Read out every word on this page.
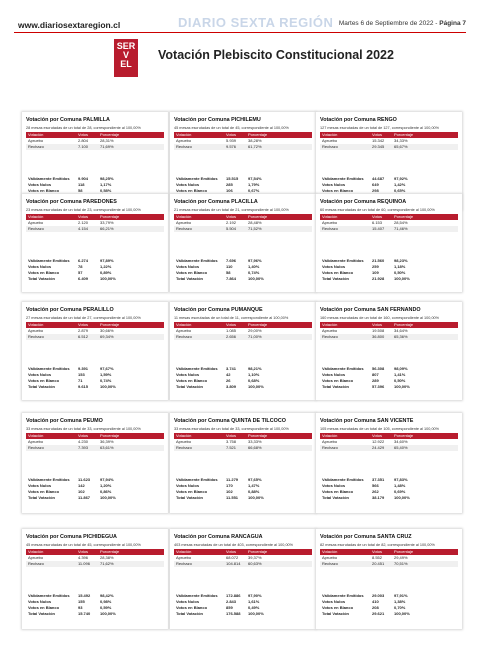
www.diariosextaregion.cl	DIARIO SEXTA REGIÓN Martes 6 de Septiembre de 2022 - Página 7
SER
V
EL
Votación Plebiscito Constitucional 2022
Votación por Comuna PALMILLA
28 mesas escrutadas de un total de 28, correspondiente al 100,00%
Votación	Votos	Porcentaje
Apruebo	2.804	28,31%
Rechazo	7.100	71,69%
Válidamente Emitidos	9.904	98,25%
Votos Nulos	118	1,17%
Votos en Blanco	58	0,58%
Votación por Comuna PICHILEMU
45 mesas escrutadas de un total de 45, correspondiente al 100,00%
Votación	Votos	Porcentaje
Apruebo	5.939	38,28%
Rechazo	9.576	61,72%
Válidamente Emitidos	15.515	97,54%
Votos Nulos	285	1,79%
Votos en Blanco	106	0,67%
Votación por Comuna RENGO
127 mesas escrutadas de un total de 127, correspondiente al 100,00%
Votación	Votos	Porcentaje
Apruebo	15.342	34,33%
Rechazo	29.345	65,67%
Válidamente Emitidos	44.687	97,92%
Votos Nulos	649	1,42%
Votos en Blanco	298	0,65%
Votación por Comuna PAREDONES
23 mesas escrutadas de un total de 23, correspondiente al 100,00%
Votación	Votos	Porcentaje
Apruebo	2.120	33,79%
Rechazo	4.154	66,21%
Válidamente Emitidos	6.274	97,89%
Votos Nulos	78	1,22%
Votos en Blanco	57	0,89%
Total Votación	6.409	100,00%
Votación por Comuna PLACILLA
21 mesas escrutadas de un total de 21, correspondiente al 100,00%
Votación	Votos	Porcentaje
Apruebo	2.192	28,48%
Rechazo	5.504	71,52%
Válidamente Emitidos	7.696	97,96%
Votos Nulos	110	1,40%
Votos en Blanco	58	0,74%
Total Votación	7.864	100,00%
Votación por Comuna REQUINOA
60 mesas escrutadas de un total de 60, correspondiente al 100,00%
Votación	Votos	Porcentaje
Apruebo	6.153	28,54%
Rechazo	15.407	71,46%
Válidamente Emitidos	21.560	98,23%
Votos Nulos	259	1,18%
Votos en Blanco	109	0,50%
Total Votación	21.928	100,00%
Votación por Comuna PERALILLO
27 mesas escrutadas de un total de 27, correspondiente al 100,00%
Votación	Votos	Porcentaje
Apruebo	2.879	30,66%
Rechazo	6.512	69,34%
Válidamente Emitidos	9.391	97,67%
Votos Nulos	153	1,59%
Votos en Blanco	71	0,74%
Total Votación	9.615	100,00%
Votación por Comuna PUMANQUE
11 mesas escrutadas de un total de 11, correspondiente al 100,00%
Votación	Votos	Porcentaje
Apruebo	1.085	29,00%
Rechazo	2.656	71,00%
Válidamente Emitidos	3.741	98,21%
Votos Nulos	42	1,10%
Votos en Blanco	26	0,68%
Total Votación	3.809	100,00%
Votación por Comuna SAN FERNANDO
160 mesas escrutadas de un total de 160, correspondiente al 100,00%
Votación	Votos	Porcentaje
Apruebo	19.508	34,64%
Rechazo	36.800	65,36%
Válidamente Emitidos	56.308	98,09%
Votos Nulos	807	1,41%
Votos en Blanco	289	0,50%
Total Votación	57.396	100,00%
Votación por Comuna PEUMO
33 mesas escrutadas de un total de 33, correspondiente al 100,00%
Votación	Votos	Porcentaje
Apruebo	4.230	36,39%
Rechazo	7.393	63,61%
Válidamente Emitidos	11.623	97,94%
Votos Nulos	142	1,20%
Votos en Blanco	102	0,86%
Total Votación	11.867	100,00%
Votación por Comuna QUINTA DE TILCOCO
33 mesas escrutadas de un total de 33, correspondiente al 100,00%
Votación	Votos	Porcentaje
Apruebo	3.758	33,33%
Rechazo	7.521	66,68%
Válidamente Emitidos	11.279	97,65%
Votos Nulos	170	1,47%
Votos en Blanco	102	0,88%
Total Votación	11.551	100,00%
Votación por Comuna SAN VICENTE
105 mesas escrutadas de un total de 105, correspondiente al 100,00%
Votación	Votos	Porcentaje
Apruebo	12.922	34,60%
Rechazo	24.429	65,40%
Válidamente Emitidos	37.351	97,83%
Votos Nulos	566	1,48%
Votos en Blanco	262	0,69%
Total Votación	38.179	100,00%
Votación por Comuna PICHIDEGUA
45 mesas escrutadas de un total de 45, correspondiente al 100,00%
Votación	Votos	Porcentaje
Apruebo	4.396	28,38%
Rechazo	11.096	71,62%
Válidamente Emitidos	15.492	98,42%
Votos Nulos	155	0,98%
Votos en Blanco	93	0,59%
Total Votación	15.740	100,00%
Votación por Comuna RANCAGUA
403 mesas escrutadas de un total de 403, correspondiente al 100,00%
Votación	Votos	Porcentaje
Apruebo	68.072	39,37%
Rechazo	104.814	60,63%
Válidamente Emitidos	172.886	97,90%
Votos Nulos	2.843	1,61%
Votos en Blanco	859	0,49%
Total Votación	176.588	100,00%
Votación por Comuna SANTA CRUZ
82 mesas escrutadas de un total de 82, correspondiente al 100,00%
Votación	Votos	Porcentaje
Apruebo	8.552	29,49%
Rechazo	20.451	70,51%
Válidamente Emitidos	29.003	97,91%
Votos Nulos	410	1,38%
Votos en Blanco	208	0,70%
Total Votación	29.621	100,00%
